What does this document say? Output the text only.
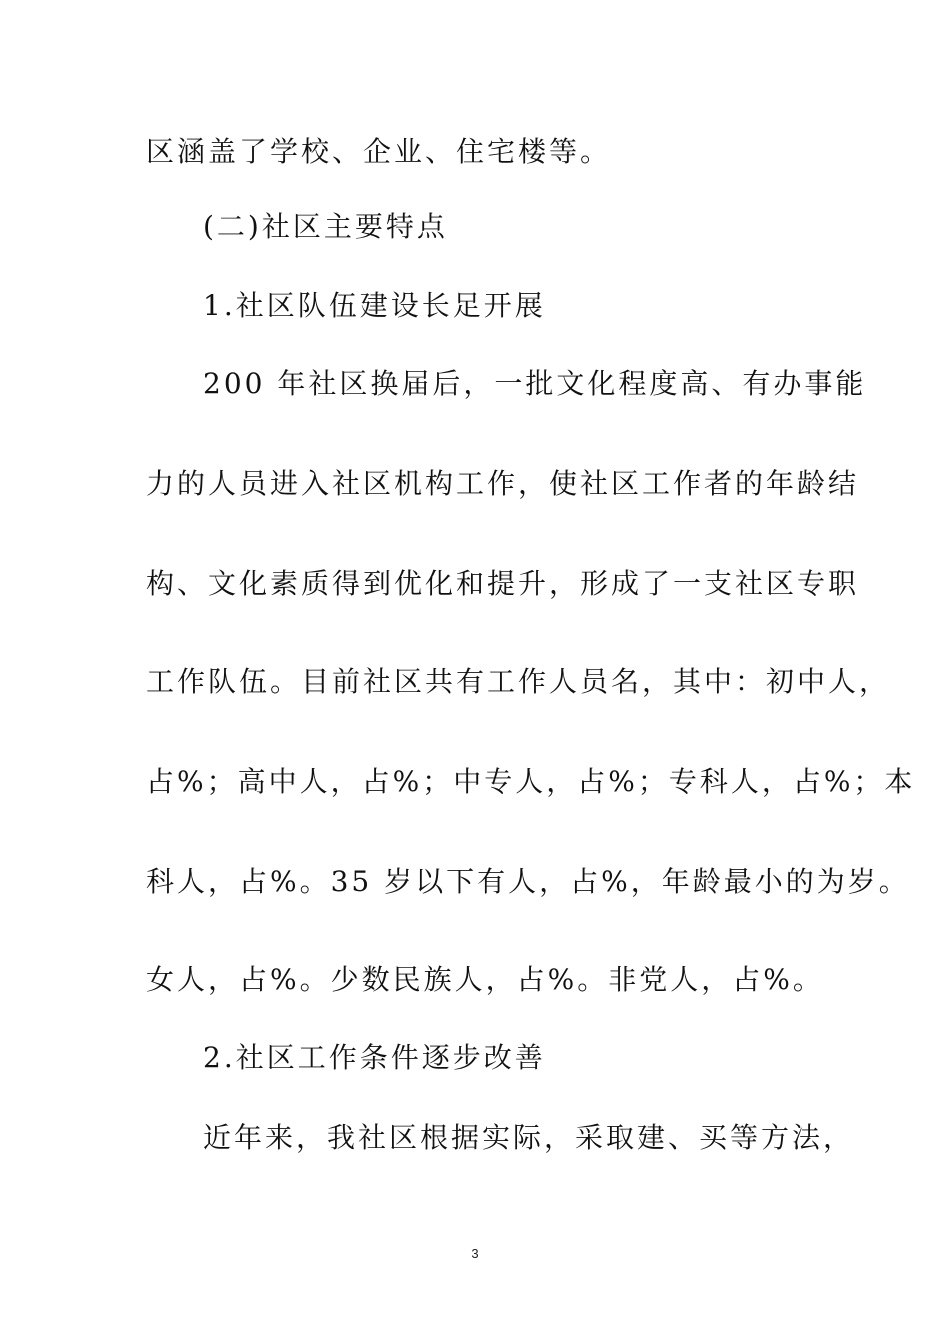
区涵盖了学校、企业、住宅楼等。
(二)社区主要特点
1.社区队伍建设长足开展
200 年社区换届后，一批文化程度高、有办事能
力的人员进入社区机构工作，使社区工作者的年龄结
构、文化素质得到优化和提升，形成了一支社区专职
工作队伍。目前社区共有工作人员名，其中：初中人，
占%；高中人，占%；中专人，占%；专科人，占%；本
科人，占%。35 岁以下有人，占%，年龄最小的为岁。
女人，占%。少数民族人，占%。非党人，占%。
2.社区工作条件逐步改善
近年来，我社区根据实际，采取建、买等方法，
3
